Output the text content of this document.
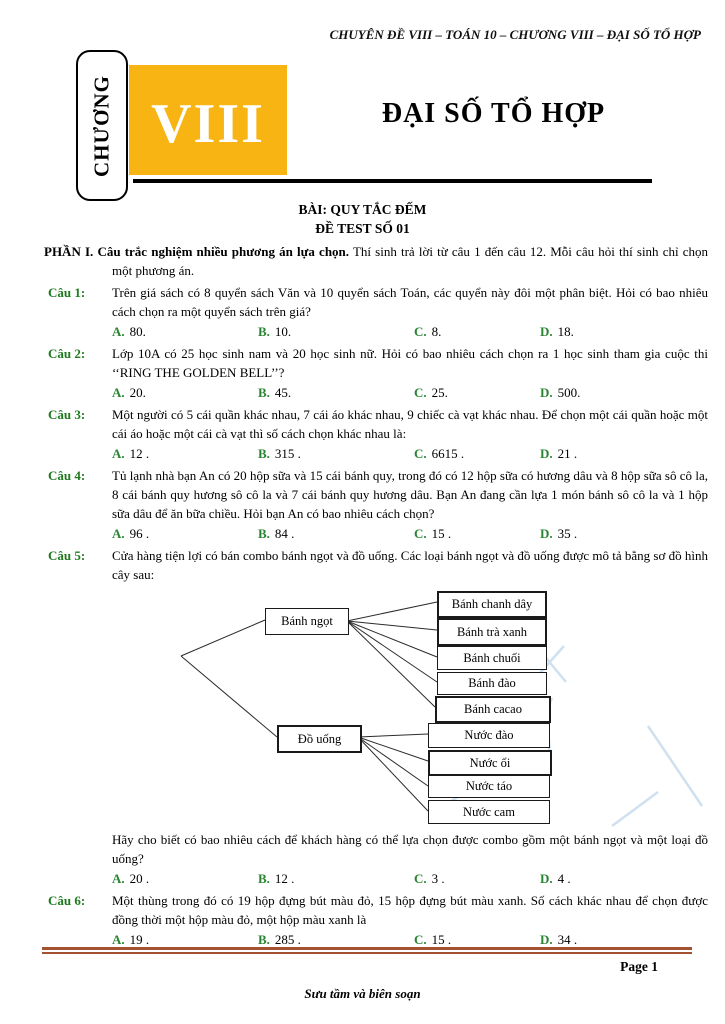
CHUYÊN ĐỀ VIII – TOÁN 10 – CHƯƠNG VIII – ĐẠI SỐ TỔ HỢP
CHƯƠNG VIII	ĐẠI SỐ TỔ HỢP
BÀI: QUY TẮC ĐẾM
ĐỀ TEST SỐ 01
PHẦN I. Câu trắc nghiệm nhiều phương án lựa chọn. Thí sinh trả lời từ câu 1 đến câu 12. Mỗi câu hỏi thí sinh chỉ chọn một phương án.
Câu 1:	Trên giá sách có 8 quyển sách Văn và 10 quyển sách Toán, các quyển này đôi một phân biệt. Hỏi có bao nhiêu cách chọn ra một quyển sách trên giá?
A. 80.	B. 10.	C. 8.	D. 18.
Câu 2:	Lớp 10A có 25 học sinh nam và 20 học sinh nữ. Hỏi có bao nhiêu cách chọn ra 1 học sinh tham gia cuộc thi ‘‘RING THE GOLDEN BELL’’?
A. 20.	B. 45.	C. 25.	D. 500.
Câu 3:	Một người có 5 cái quần khác nhau, 7 cái áo khác nhau, 9 chiếc cà vạt khác nhau. Để chọn một cái quần hoặc một cái áo hoặc một cái cà vạt thì số cách chọn khác nhau là:
A. 12 .	B. 315 .	C. 6615 .	D. 21 .
Câu 4:	Tủ lạnh nhà bạn An có 20 hộp sữa và 15 cái bánh quy, trong đó có 12 hộp sữa có hương dâu và 8 hộp sữa sô cô la, 8 cái bánh quy hương sô cô la và 7 cái bánh quy hương dâu. Bạn An đang cần lựa 1 món bánh sô cô la và 1 hộp sữa dâu để ăn bữa chiều. Hỏi bạn An có bao nhiêu cách chọn?
A. 96 .	B. 84 .	C. 15 .	D. 35 .
Câu 5:	Cửa hàng tiện lợi có bán combo bánh ngọt và đồ uống. Các loại bánh ngọt và đồ uống được mô tả bằng sơ đồ hình cây sau:
Bánh ngọt
Đồ uống
Bánh chanh dây
Bánh trà xanh
Bánh chuối
Bánh đào
Bánh cacao
Nước đào
Nước ổi
Nước táo
Nước cam
Hãy cho biết có bao nhiêu cách để khách hàng có thể lựa chọn được combo gồm một bánh ngọt và một loại đồ uống?
A. 20 .	B. 12 .	C. 3 .	D. 4 .
Câu 6:	Một thùng trong đó có 19 hộp đựng bút màu đỏ, 15 hộp đựng bút màu xanh. Số cách khác nhau để chọn được đồng thời một hộp màu đỏ, một hộp màu xanh là
A. 19 .	B. 285 .	C. 15 .	D. 34 .
Page 1
Sưu tầm và biên soạn
